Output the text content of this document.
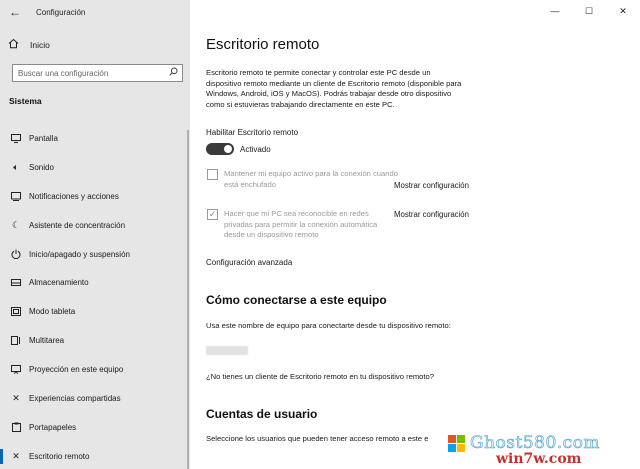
← Configuración
Inicio
Buscar una configuración
Sistema
Pantalla
🔈︎	Sonido
Notificaciones y acciones
☾	Asistente de concentración
Inicio/apagado y suspensión
Almacenamiento
Modo tableta
Multitarea
Proyección en este equipo
✕	Experiencias compartidas
Portapapeles
✕	Escritorio remoto
—	☐	✕
Escritorio remoto

Escritorio remoto te permite conectar y controlar este PC desde un dispositivo remoto mediante un cliente de Escritorio remoto (disponible para Windows, Android, iOS y MacOS). Podrás trabajar desde otro dispositivo como si estuvieras trabajando directamente en este PC.

Habilitar Escritorio remoto
Activado
Mantener mi equipo activo para la conexión cuando está enchufado	Mostrar configuración
✓ Hacer que mi PC sea reconocible en redes privadas para permitir la conexión automática desde un dispositivo remoto
Mostrar configuración
Configuración avanzada
Cómo conectarse a este equipo

Usa este nombre de equipo para conectarte desde tu dispositivo remoto:

¿No tienes un cliente de Escritorio remoto en tu dispositivo remoto?
Cuentas de usuario

Seleccione los usuarios que pueden tener acceso remoto a este e Ghost580.com
win7w.com
